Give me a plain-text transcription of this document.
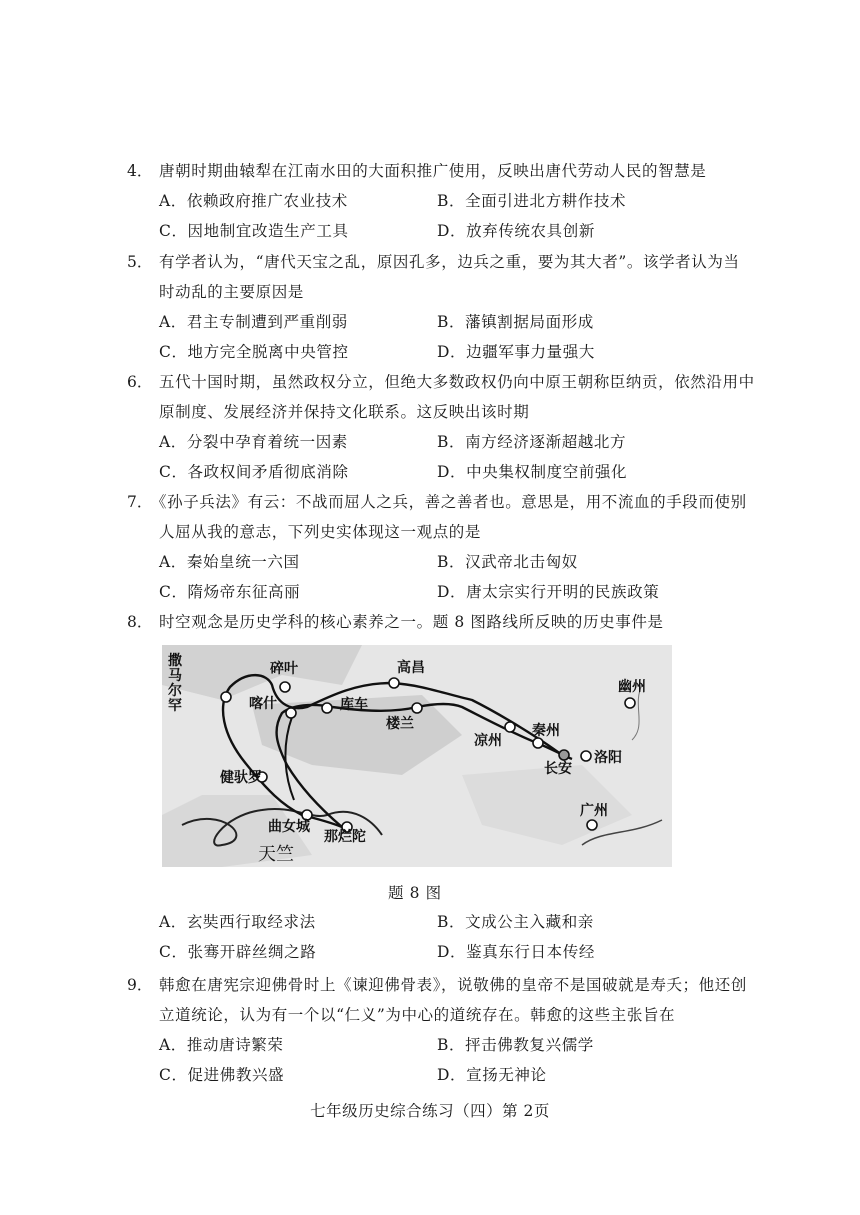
4． 唐朝时期曲辕犁在江南水田的大面积推广使用，反映出唐代劳动人民的智慧是
A．依赖政府推广农业技术	B．全面引进北方耕作技术
C．因地制宜改造生产工具	D．放弃传统农具创新
5． 有学者认为，“唐代天宝之乱，原因孔多，边兵之重，要为其大者”。该学者认为当
时动乱的主要原因是
A．君主专制遭到严重削弱	B．藩镇割据局面形成
C．地方完全脱离中央管控	D．边疆军事力量强大
6． 五代十国时期，虽然政权分立，但绝大多数政权仍向中原王朝称臣纳贡，依然沿用中
原制度、发展经济并保持文化联系。这反映出该时期
A．分裂中孕育着统一因素	B．南方经济逐渐超越北方
C．各政权间矛盾彻底消除	D．中央集权制度空前强化
7．
《孙子兵法》有云：不战而屈人之兵，善之善者也。意思是，用不流血的手段而使别
人屈从我的意志，下列史实体现这一观点的是
A．秦始皇统一六国	B．汉武帝北击匈奴
C．隋炀帝东征高丽	D．唐太宗实行开明的民族政策
8． 时空观念是历史学科的核心素养之一。题 8 图路线所反映的历史事件是
碎叶	高昌
喀什	库车
楼兰
凉州
秦州
长安
洛阳
幽州
健驮罗
曲女城
那烂陀
广州
天竺
撒
马
尔
罕
题 8 图
A．玄奘西行取经求法	B．文成公主入藏和亲
C．张骞开辟丝绸之路	D．鉴真东行日本传经
9． 韩愈在唐宪宗迎佛骨时上《谏迎佛骨表》，说敬佛的皇帝不是国破就是寿夭；他还创
立道统论，认为有一个以“仁义”为中心的道统存在。韩愈的这些主张旨在
A．推动唐诗繁荣	B．抨击佛教复兴儒学
C．促进佛教兴盛	D．宣扬无神论
七年级历史综合练习（四）第 2页
